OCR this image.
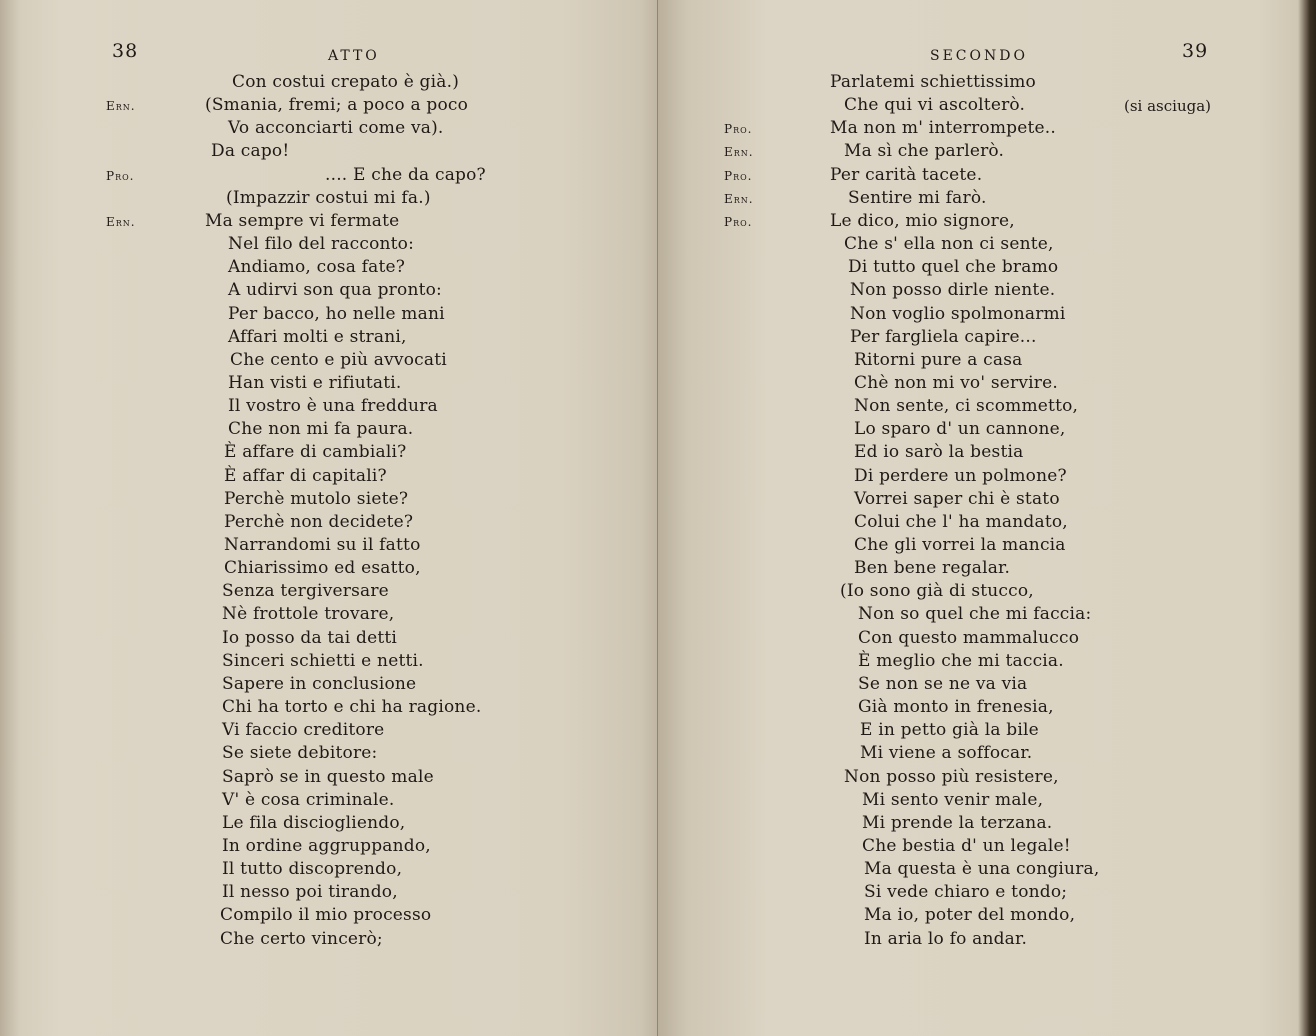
38	ATTO
Con costui crepato è già.)
Ern.	(Smania, fremi; a poco a poco
Vo acconciarti come va).
Da capo!
Pro.	.... E che da capo?
(Impazzir costui mi fa.)
Ern.	Ma sempre vi fermate
Nel filo del racconto:
Andiamo, cosa fate?
A udirvi son qua pronto:
Per bacco, ho nelle mani
Affari molti e strani,
Che cento e più avvocati
Han visti e rifiutati.
Il vostro è una freddura
Che non mi fa paura.
È affare di cambiali?
È affar di capitali?
Perchè mutolo siete?
Perchè non decidete?
Narrandomi su il fatto
Chiarissimo ed esatto,
Senza tergiversare
Nè frottole trovare,
Io posso da tai detti
Sinceri schietti e netti.
Sapere in conclusione
Chi ha torto e chi ha ragione.
Vi faccio creditore
Se siete debitore:
Saprò se in questo male
V' è cosa criminale.
Le fila disciogliendo,
In ordine aggruppando,
Il tutto discoprendo,
Il nesso poi tirando,
Compilo il mio processo
Che certo vincerò;
SECONDO	39
Parlatemi schiettissimo
Che qui vi ascolterò.	(si asciuga)
Pro.	Ma non m' interrompete..
Ern.	Ma sì che parlerò.
Pro.	Per carità tacete.
Ern.	Sentire mi farò.
Pro.	Le dico, mio signore,
Che s' ella non ci sente,
Di tutto quel che bramo
Non posso dirle niente.
Non voglio spolmonarmi
Per fargliela capire...
Ritorni pure a casa
Chè non mi vo' servire.
Non sente, ci scommetto,
Lo sparo d' un cannone,
Ed io sarò la bestia
Di perdere un polmone?
Vorrei saper chi è stato
Colui che l' ha mandato,
Che gli vorrei la mancia
Ben bene regalar.
(Io sono già di stucco,
Non so quel che mi faccia:
Con questo mammalucco
È meglio che mi taccia.
Se non se ne va via
Già monto in frenesia,
E in petto già la bile
Mi viene a soffocar.
Non posso più resistere,
Mi sento venir male,
Mi prende la terzana.
Che bestia d' un legale!
Ma questa è una congiura,
Si vede chiaro e tondo;
Ma io, poter del mondo,
In aria lo fo andar.
